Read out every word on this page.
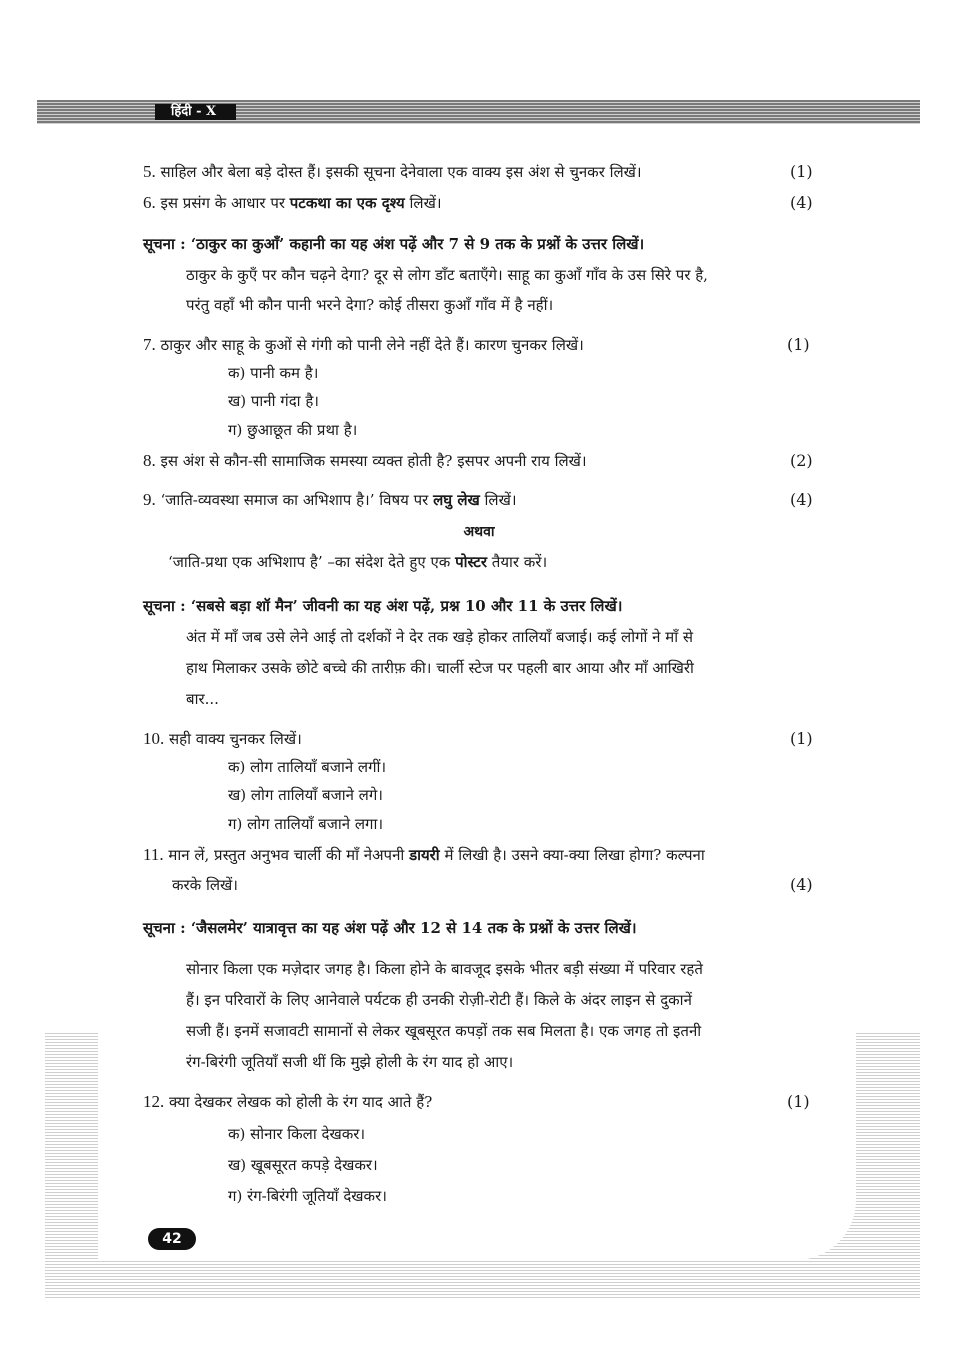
हिंदी - X
42
5. साहिल और बेला बड़े दोस्त हैं। इसकी सूचना देनेवाला एक वाक्य इस अंश से चुनकर लिखें।	(1)
6. इस प्रसंग के आधार पर पटकथा का एक दृश्य लिखें।	(4)
सूचना : ‘ठाकुर का कुआँ’ कहानी का यह अंश पढ़ें और 7 से 9 तक के प्रश्नों के उत्तर लिखें।
ठाकुर के कुएँ पर कौन चढ़ने देगा? दूर से लोग डाँट बताएँगे। साहू का कुआँ गाँव के उस सिरे पर है,
परंतु वहाँ भी कौन पानी भरने देगा? कोई तीसरा कुआँ गाँव में है नहीं।
7. ठाकुर और साहू के कुओं से गंगी को पानी लेने नहीं देते हैं। कारण चुनकर लिखें।	(1)
क) पानी कम है।
ख) पानी गंदा है।
ग) छुआछूत की प्रथा है।
8. इस अंश से कौन-सी सामाजिक समस्या व्यक्त होती है? इसपर अपनी राय लिखें।	(2)
9. ‘जाति-व्यवस्था समाज का अभिशाप है।’ विषय पर लघु लेख लिखें।	(4)
अथवा
‘जाति-प्रथा एक अभिशाप है’ –का संदेश देते हुए एक पोस्टर तैयार करें।
सूचना : ‘सबसे बड़ा शॉ मैन’ जीवनी का यह अंश पढ़ें, प्रश्न 10 और 11 के उत्तर लिखें।
अंत में माँ जब उसे लेने आई तो दर्शकों ने देर तक खड़े होकर तालियाँ बजाई। कई लोगों ने माँ से
हाथ मिलाकर उसके छोटे बच्चे की तारीफ़ की। चार्ली स्टेज पर पहली बार आया और माँ आखिरी
बार...
10. सही वाक्य चुनकर लिखें।	(1)
क) लोग तालियाँ बजाने लगीं।
ख) लोग तालियाँ बजाने लगे।
ग) लोग तालियाँ बजाने लगा।
11. मान लें, प्रस्तुत अनुभव चार्ली की माँ नेअपनी डायरी में लिखी है। उसने क्या-क्या लिखा होगा? कल्पना
करके लिखें।	(4)
सूचना : ‘जैसलमेर’ यात्रावृत्त का यह अंश पढ़ें और 12 से 14 तक के प्रश्नों के उत्तर लिखें।
सोनार किला एक मज़ेदार जगह है। किला होने के बावजूद इसके भीतर बड़ी संख्या में परिवार रहते
हैं। इन परिवारों के लिए आनेवाले पर्यटक ही उनकी रोज़ी-रोटी हैं। किले के अंदर लाइन से दुकानें
सजी हैं। इनमें सजावटी सामानों से लेकर खूबसूरत कपड़ों तक सब मिलता है। एक जगह तो इतनी
रंग-बिरंगी जूतियाँ सजी थीं कि मुझे होली के रंग याद हो आए।
12. क्या देखकर लेखक को होली के रंग याद आते हैं?	(1)
क) सोनार किला देखकर।
ख) खूबसूरत कपड़े देखकर।
ग) रंग-बिरंगी जूतियाँ देखकर।
